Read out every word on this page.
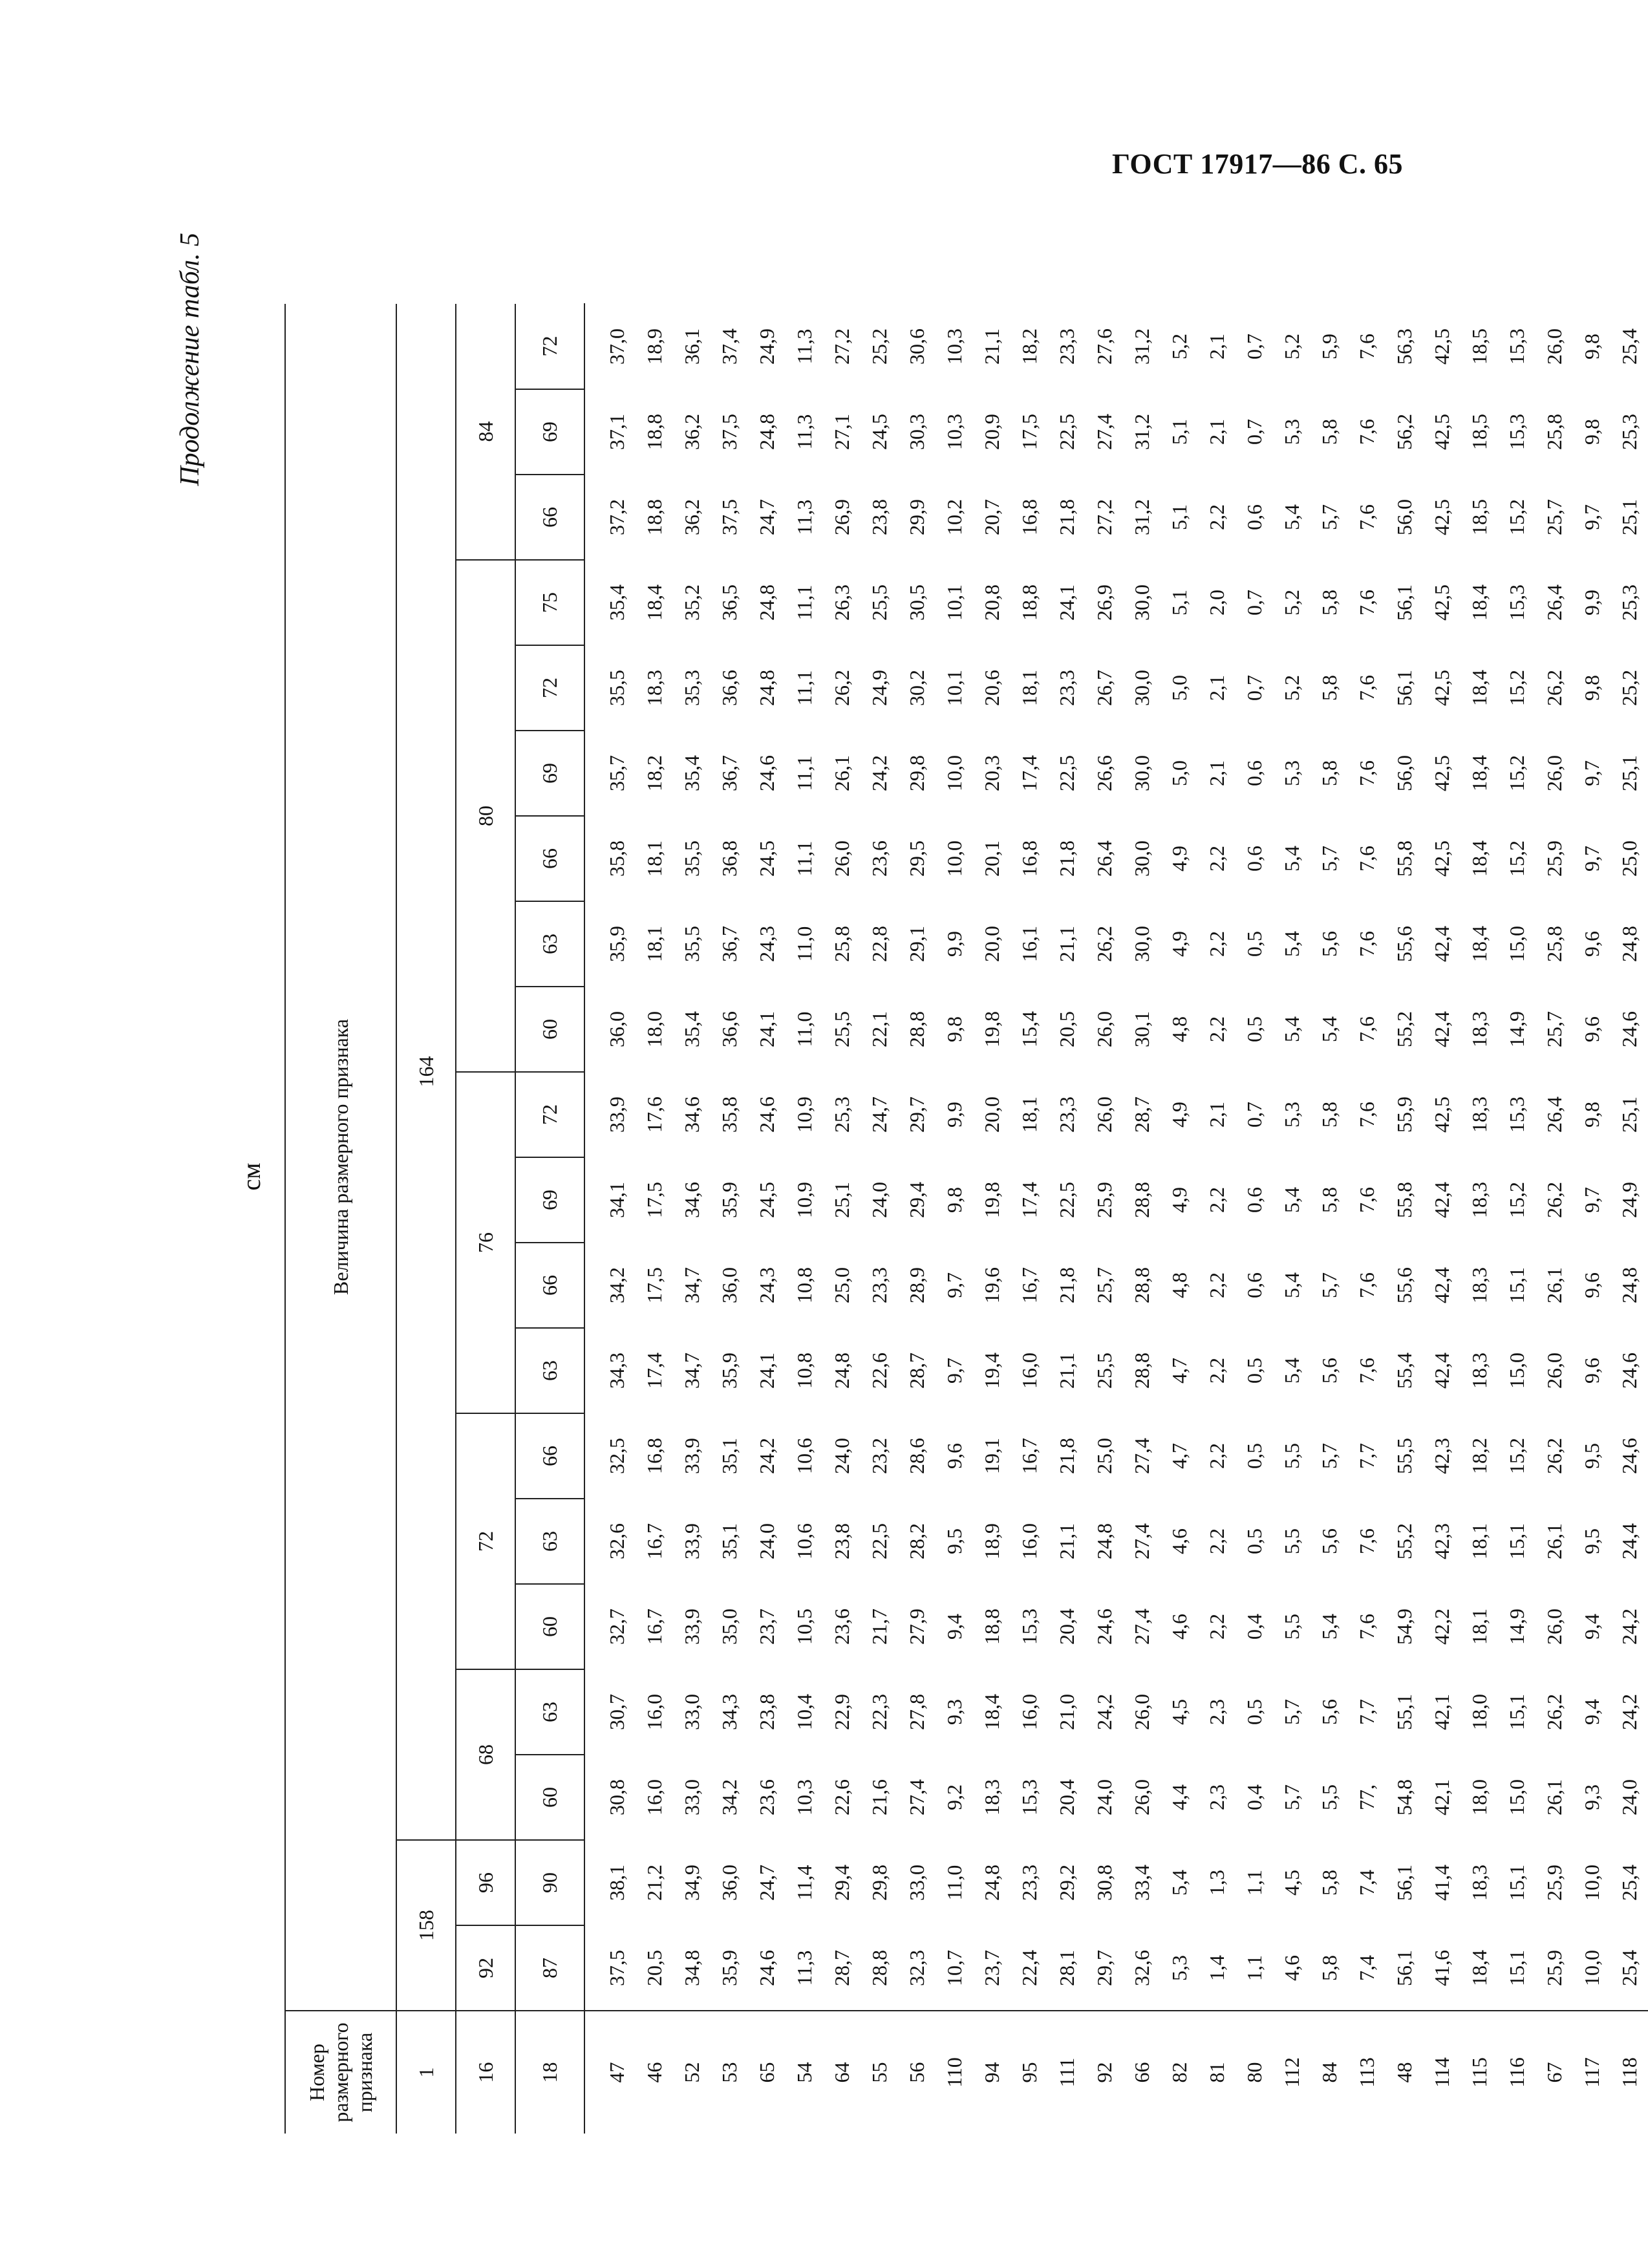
ГОСТ 17917—86 С. 65
Продолжение табл. 5
см
Номер размерного признака	Величина размерного признака																			
1	158		164																	
16	92	96	68		72			76				80						84		
18	87	90	60	63	60	63	66	63	66	69	72	60	63	66	69	72	75	66	69	72
47	37,5	38,1	30,8	30,7	32,7	32,6	32,5	34,3	34,2	34,1	33,9	36,0	35,9	35,8	35,7	35,5	35,4	37,2	37,1	37,0
46	20,5	21,2	16,0	16,0	16,7	16,7	16,8	17,4	17,5	17,5	17,6	18,0	18,1	18,1	18,2	18,3	18,4	18,8	18,8	18,9
52	34,8	34,9	33,0	33,0	33,9	33,9	33,9	34,7	34,7	34,6	34,6	35,4	35,5	35,5	35,4	35,3	35,2	36,2	36,2	36,1
53	35,9	36,0	34,2	34,3	35,0	35,1	35,1	35,9	36,0	35,9	35,8	36,6	36,7	36,8	36,7	36,6	36,5	37,5	37,5	37,4
65	24,6	24,7	23,6	23,8	23,7	24,0	24,2	24,1	24,3	24,5	24,6	24,1	24,3	24,5	24,6	24,8	24,8	24,7	24,8	24,9
54	11,3	11,4	10,3	10,4	10,5	10,6	10,6	10,8	10,8	10,9	10,9	11,0	11,0	11,1	11,1	11,1	11,1	11,3	11,3	11,3
64	28,7	29,4	22,6	22,9	23,6	23,8	24,0	24,8	25,0	25,1	25,3	25,5	25,8	26,0	26,1	26,2	26,3	26,9	27,1	27,2
55	28,8	29,8	21,6	22,3	21,7	22,5	23,2	22,6	23,3	24,0	24,7	22,1	22,8	23,6	24,2	24,9	25,5	23,8	24,5	25,2
56	32,3	33,0	27,4	27,8	27,9	28,2	28,6	28,7	28,9	29,4	29,7	28,8	29,1	29,5	29,8	30,2	30,5	29,9	30,3	30,6
110	10,7	11,0	9,2	9,3	9,4	9,5	9,6	9,7	9,7	9,8	9,9	9,8	9,9	10,0	10,0	10,1	10,1	10,2	10,3	10,3
94	23,7	24,8	18,3	18,4	18,8	18,9	19,1	19,4	19,6	19,8	20,0	19,8	20,0	20,1	20,3	20,6	20,8	20,7	20,9	21,1
95	22,4	23,3	15,3	16,0	15,3	16,0	16,7	16,0	16,7	17,4	18,1	15,4	16,1	16,8	17,4	18,1	18,8	16,8	17,5	18,2
111	28,1	29,2	20,4	21,0	20,4	21,1	21,8	21,1	21,8	22,5	23,3	20,5	21,1	21,8	22,5	23,3	24,1	21,8	22,5	23,3
92	29,7	30,8	24,0	24,2	24,6	24,8	25,0	25,5	25,7	25,9	26,0	26,0	26,2	26,4	26,6	26,7	26,9	27,2	27,4	27,6
66	32,6	33,4	26,0	26,0	27,4	27,4	27,4	28,8	28,8	28,8	28,7	30,1	30,0	30,0	30,0	30,0	30,0	31,2	31,2	31,2
82	5,3	5,4	4,4	4,5	4,6	4,6	4,7	4,7	4,8	4,9	4,9	4,8	4,9	4,9	5,0	5,0	5,1	5,1	5,1	5,2
81	1,4	1,3	2,3	2,3	2,2	2,2	2,2	2,2	2,2	2,2	2,1	2,2	2,2	2,2	2,1	2,1	2,0	2,2	2,1	2,1
80	1,1	1,1	0,4	0,5	0,4	0,5	0,5	0,5	0,6	0,6	0,7	0,5	0,5	0,6	0,6	0,7	0,7	0,6	0,7	0,7
112	4,6	4,5	5,7	5,7	5,5	5,5	5,5	5,4	5,4	5,4	5,3	5,4	5,4	5,4	5,3	5,2	5,2	5,4	5,3	5,2
84	5,8	5,8	5,5	5,6	5,4	5,6	5,7	5,6	5,7	5,8	5,8	5,4	5,6	5,7	5,8	5,8	5,8	5,7	5,8	5,9
113	7,4	7,4	77,	7,7	7,6	7,6	7,7	7,6	7,6	7,6	7,6	7,6	7,6	7,6	7,6	7,6	7,6	7,6	7,6	7,6
48	56,1	56,1	54,8	55,1	54,9	55,2	55,5	55,4	55,6	55,8	55,9	55,2	55,6	55,8	56,0	56,1	56,1	56,0	56,2	56,3
114	41,6	41,4	42,1	42,1	42,2	42,3	42,3	42,4	42,4	42,4	42,5	42,4	42,4	42,5	42,5	42,5	42,5	42,5	42,5	42,5
115	18,4	18,3	18,0	18,0	18,1	18,1	18,2	18,3	18,3	18,3	18,3	18,3	18,4	18,4	18,4	18,4	18,4	18,5	18,5	18,5
116	15,1	15,1	15,0	15,1	14,9	15,1	15,2	15,0	15,1	15,2	15,3	14,9	15,0	15,2	15,2	15,2	15,3	15,2	15,3	15,3
67	25,9	25,9	26,1	26,2	26,0	26,1	26,2	26,0	26,1	26,2	26,4	25,7	25,8	25,9	26,0	26,2	26,4	25,7	25,8	26,0
117	10,0	10,0	9,3	9,4	9,4	9,5	9,5	9,6	9,6	9,7	9,8	9,6	9,6	9,7	9,7	9,8	9,9	9,7	9,8	9,8
118	25,4	25,4	24,0	24,2	24,2	24,4	24,6	24,6	24,8	24,9	25,1	24,6	24,8	25,0	25,1	25,2	25,3	25,1	25,3	25,4
